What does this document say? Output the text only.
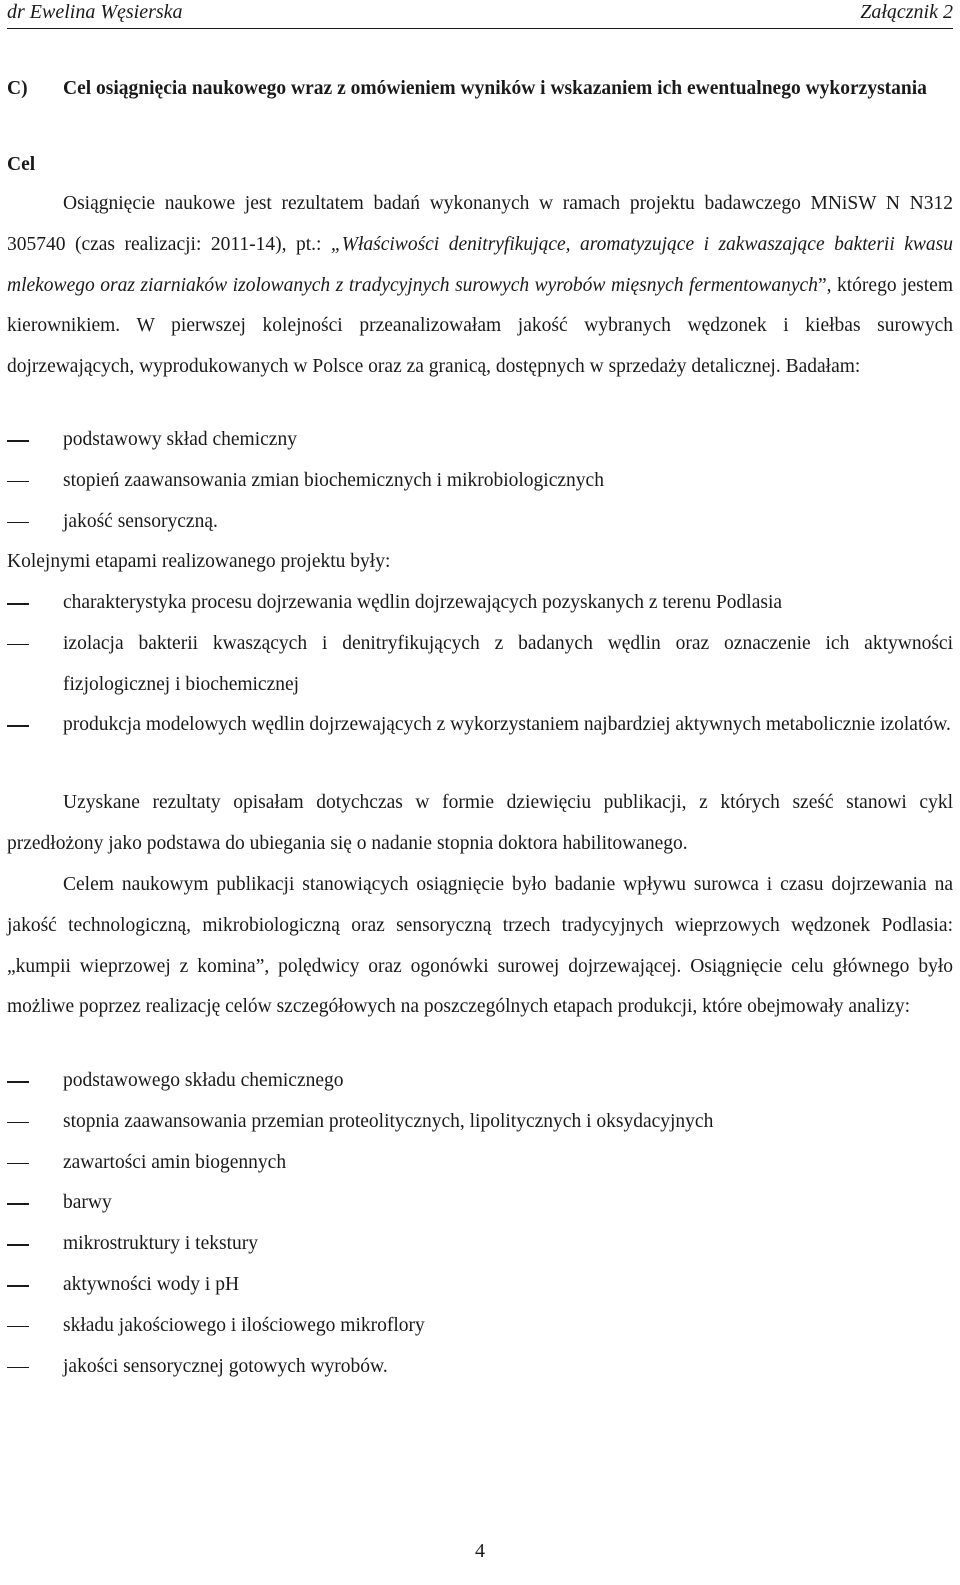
dr Ewelina Węsierska	Załącznik 2
C) Cel osiągnięcia naukowego wraz z omówieniem wyników i wskazaniem ich ewentualnego wykorzystania
Cel
Osiągnięcie naukowe jest rezultatem badań wykonanych w ramach projektu badawczego MNiSW N N312 305740 (czas realizacji: 2011-14), pt.: „Właściwości denitryfikujące, aromatyzujące i zakwaszające bakterii kwasu mlekowego oraz ziarniaków izolowanych z tradycyjnych surowych wyrobów mięsnych fermentowanych”, którego jestem kierownikiem. W pierwszej kolejności przeanalizowałam jakość wybranych wędzonek i kiełbas surowych dojrzewających, wyprodukowanych w Polsce oraz za granicą, dostępnych w sprzedaży detalicznej. Badałam:
podstawowy skład chemiczny
stopień zaawansowania zmian biochemicznych i mikrobiologicznych
jakość sensoryczną.
Kolejnymi etapami realizowanego projektu były:
charakterystyka procesu dojrzewania wędlin dojrzewających pozyskanych z terenu Podlasia
izolacja bakterii kwaszących i denitryfikujących z badanych wędlin oraz oznaczenie ich aktywności fizjologicznej i biochemicznej
produkcja modelowych wędlin dojrzewających z wykorzystaniem najbardziej aktywnych metabolicznie izolatów.
Uzyskane rezultaty opisałam dotychczas w formie dziewięciu publikacji, z których sześć stanowi cykl przedłożony jako podstawa do ubiegania się o nadanie stopnia doktora habilitowanego.
Celem naukowym publikacji stanowiących osiągnięcie było badanie wpływu surowca i czasu dojrzewania na jakość technologiczną, mikrobiologiczną oraz sensoryczną trzech tradycyjnych wieprzowych wędzonek Podlasia: „kumpii wieprzowej z komina”, polędwicy oraz ogonówki surowej dojrzewającej. Osiągnięcie celu głównego było możliwe poprzez realizację celów szczegółowych na poszczególnych etapach produkcji, które obejmowały analizy:
podstawowego składu chemicznego
stopnia zaawansowania przemian proteolitycznych, lipolitycznych i oksydacyjnych
zawartości amin biogennych
barwy
mikrostruktury i tekstury
aktywności wody i pH
składu jakościowego i ilościowego mikroflory
jakości sensorycznej gotowych wyrobów.
4
